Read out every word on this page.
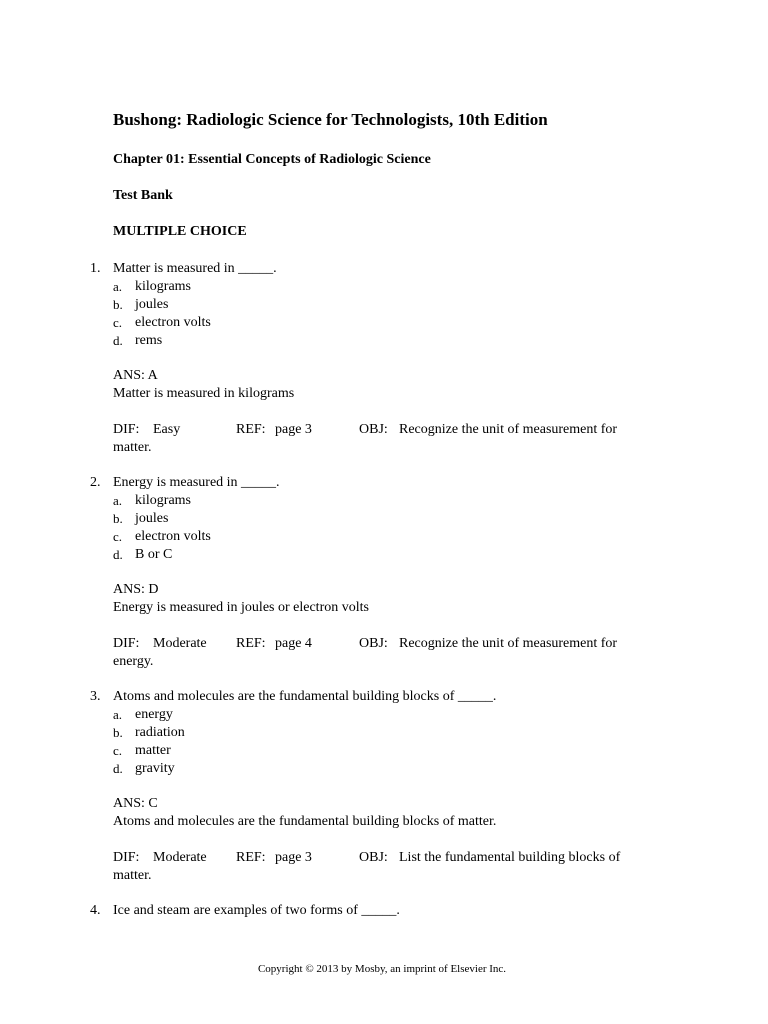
Bushong: Radiologic Science for Technologists, 10th Edition
Chapter 01: Essential Concepts of Radiologic Science
Test Bank
MULTIPLE CHOICE
1. Matter is measured in _____.
a. kilograms
b. joules
c. electron volts
d. rems
ANS: A
Matter is measured in kilograms
DIF: Easy	REF: page 3	OBJ: Recognize the unit of measurement for
matter.
2. Energy is measured in _____.
a. kilograms
b. joules
c. electron volts
d. B or C
ANS: D
Energy is measured in joules or electron volts
DIF: Moderate REF: page 4	OBJ: Recognize the unit of measurement for
energy.
3. Atoms and molecules are the fundamental building blocks of _____.
a. energy
b. radiation
c. matter
d. gravity
ANS: C
Atoms and molecules are the fundamental building blocks of matter.
DIF: Moderate REF: page 3	OBJ: List the fundamental building blocks of
matter.
4. Ice and steam are examples of two forms of _____.
Copyright © 2013 by Mosby, an imprint of Elsevier Inc.
